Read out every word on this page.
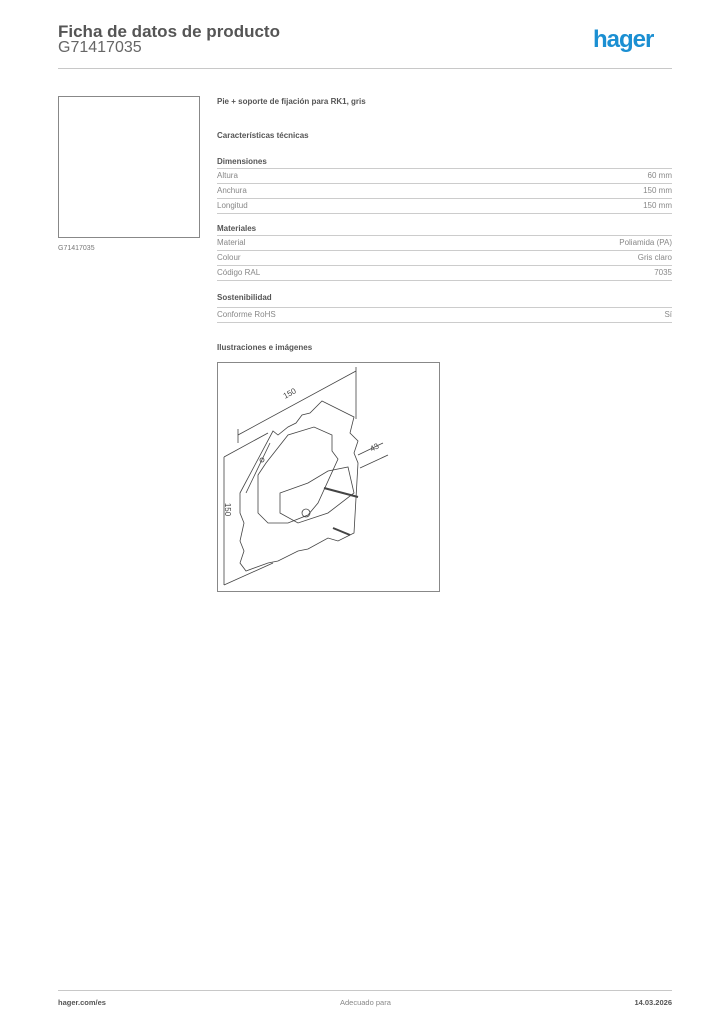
Ficha de datos de producto
G71417035	hager
G71417035
Pie + soporte de fijación para RK1, gris
Características técnicas
Dimensiones
Altura	60 mm
Anchura	150 mm
Longitud	150 mm
Materiales
Material	Poliamida (PA)
Colour	Gris claro
Código RAL	7035
Sostenibilidad
Conforme RoHS	Sí
Ilustraciones e imágenes
150
150
43
hager.com/es	Adecuado para	14.03.2026
